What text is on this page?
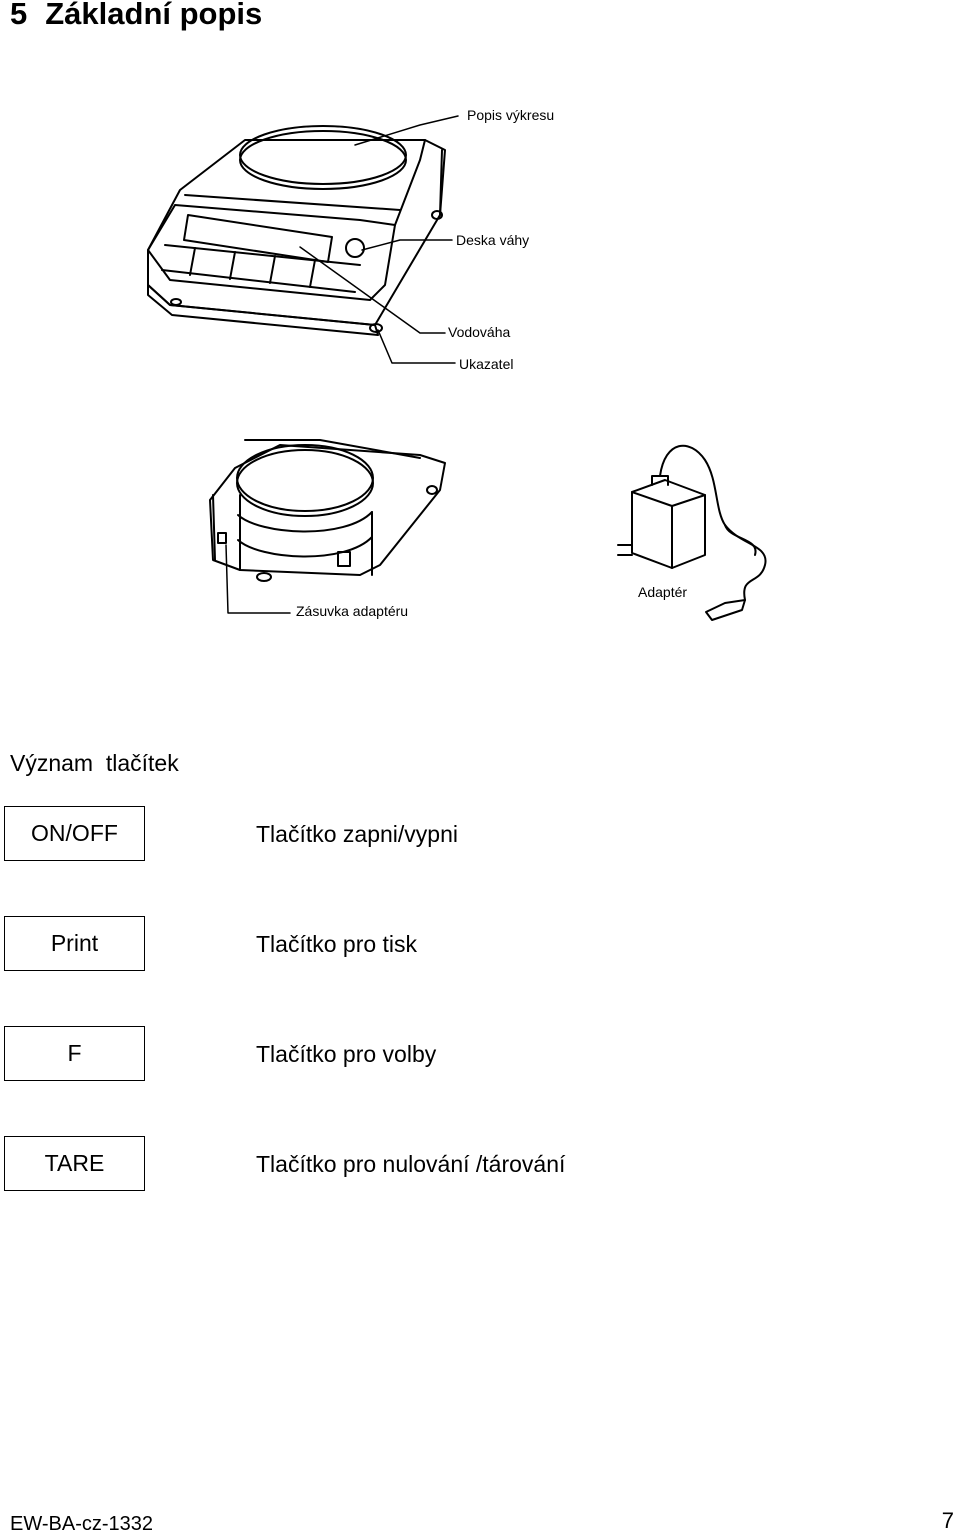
5 Základní popis
Popis výkresu
Deska váhy
Vodováha
Ukazatel
Zásuvka adaptéru
Adaptér
Význam  tlačítek
ON/OFF	Tlačítko zapni/vypni
Print	Tlačítko pro tisk
F	Tlačítko pro volby
TARE	Tlačítko pro nulování /tárování
EW-BA-cz-1332	7
